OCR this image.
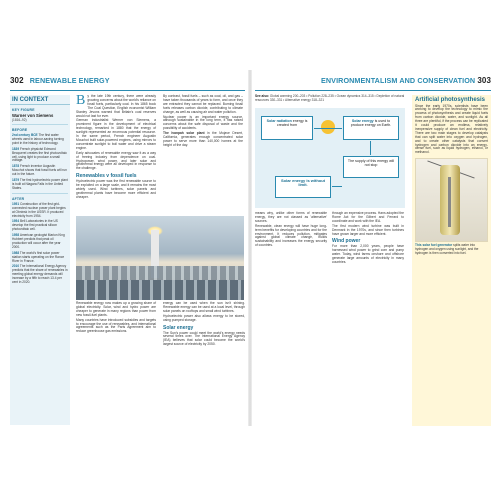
302 RENEWABLE ENERGY	ENVIRONMENTALISM AND CONSERVATION 303
IN CONTEXT
KEY FIGURE
Warner von Siemens
(1816–92)
BEFORE
2nd century BCE The first water wheels used in labour-saving turning point in the history of technology.
1839 French physicist Edmond Becquerel creates the first photovoltaic cell, using light to produce a small voltage.
1878 French inventor Augustin Mouchot shows that fossil fuels will run out in the future.
1879 The first hydroelectric power plant is built at Niagara Falls in the United States.
AFTER
1951 Construction of the first grid-connected nuclear power plant begins at Obninsk in the USSR. It produced electricity from 1954.
1954 Bell Laboratories in the US develop the first practical silicon photovoltaic cell.
1958 American geologist Marion King Hubbert predicts that peak oil production will occur after the year 2000.
1988 The world's first solar power station starts operating on the Rance River in France.
2010 The International Energy Agency predicts that the share of renewables in meeting global energy demands will increase by a fifth to reach 13.4 per cent in 2020.

By the late 19th century, there were already growing concerns about the world's reliance on fossil fuels, particularly coal. In his 1865 book The Coal Question, English economist William Stanley Jevons warned that Britain's coal reserves would not last for ever.

German industrialist Werner von Siemens, a prominent figure in the development of electrical technology, remarked in 1880 that the energy of sunlight represented an enormous potential resource. In the same period, French engineer Augustin Mouchot built solar-powered engines, using mirrors to concentrate sunlight to boil water and drive a steam engine.

Early advocates of renewable energy saw it as a way of freeing industry from dependence on coal. Hydropower, wind power, and later solar and geothermal energy were all developed in response to the challenge.

Renewables v fossil fuels

Hydroelectric power was the first renewable source to be exploited on a large scale, and it remains the most widely used. Wind turbines, solar panels and geothermal plants have become more efficient and cheaper.

By contrast, fossil fuels – such as coal, oil, and gas – have taken thousands of years to form, and once they are extracted they cannot be replaced. Burning fossil fuels releases carbon dioxide, contributing to climate change, as well as causing air and water pollution.

Nuclear power is an important energy source, although sustainable in the long term, it has raised concerns about the safe disposal of waste and the possibility of accidents.

The Ivanpah solar plant in the Mojave Desert, California, generates enough concentrated solar power to serve more than 140,000 homes at the height of the day.

Renewable energy now makes up a growing share of global electricity. Solar, wind and hydro power are cheaper to generate in many regions than power from new fossil-fuel plants.

Many countries have introduced subsidies and targets to encourage the use of renewables, and international agreements such as the Paris Agreement aim to reduce greenhouse gas emissions.

energy can be used when the sun isn't shining. Renewable energy can be used at a local level, through solar panels on rooftops and small wind turbines.

Hydroelectric power also allows energy to be stored, using pumped storage.

Solar energy

The Sun's power could meet the world's energy needs several times over. The International Energy Agency (IEA) believes that solar could become the world's largest source of electricity by 2050.

See also: Global warming 200–203 • Pollution 228–235 • Ocean dynamics 314–315 • Depletion of natural resources 330–331 • Alternative energy 318–321
Solar radiation energy is created from
Solar energy is used to produce energy on Earth.
The supply of this energy will not stop
Solar energy is without limit.

means why, unlike other forms of renewable energy, they are not classed as 'alternative' sources.

Renewable, clean energy will have huge long-term benefits for developing countries and for the environment. It reduces pollution, mitigates against global climate change, builds sustainability and increases the energy security of countries.

through an expensive process. Hans adopted the Rome Act for the Gilbert and Ferrard to coordinate and work with the IEA.

The first modern wind turbine was built in Denmark in the 1970s, and since then turbines have grown larger and more efficient.

Wind power

For more than 2,000 years, people have harnessed wind power to grind corn and pump water. Today, wind farms onshore and offshore generate large amounts of electricity in many countries.

Artificial photosynthesis
Since the early 1970s, scientists have been working to develop the technology to mimic the process of photosynthesis and create liquid fuels from carbon dioxide, water, and sunlight. As all three are plentiful, if the process can be replicated it could produce an endless, relatively inexpensive supply of clean fuel and electricity. There are two main stages to develop catalysts that can split water into oxygen and hydrogen, and to create other catalysts that convert hydrogen and carbon dioxide into an energy-dense fuel, such as liquid hydrogen, ethanol, or methanol.
This solar fuel generator splits water into hydrogen and oxygen using sunlight, and the hydrogen is then converted into fuel.
